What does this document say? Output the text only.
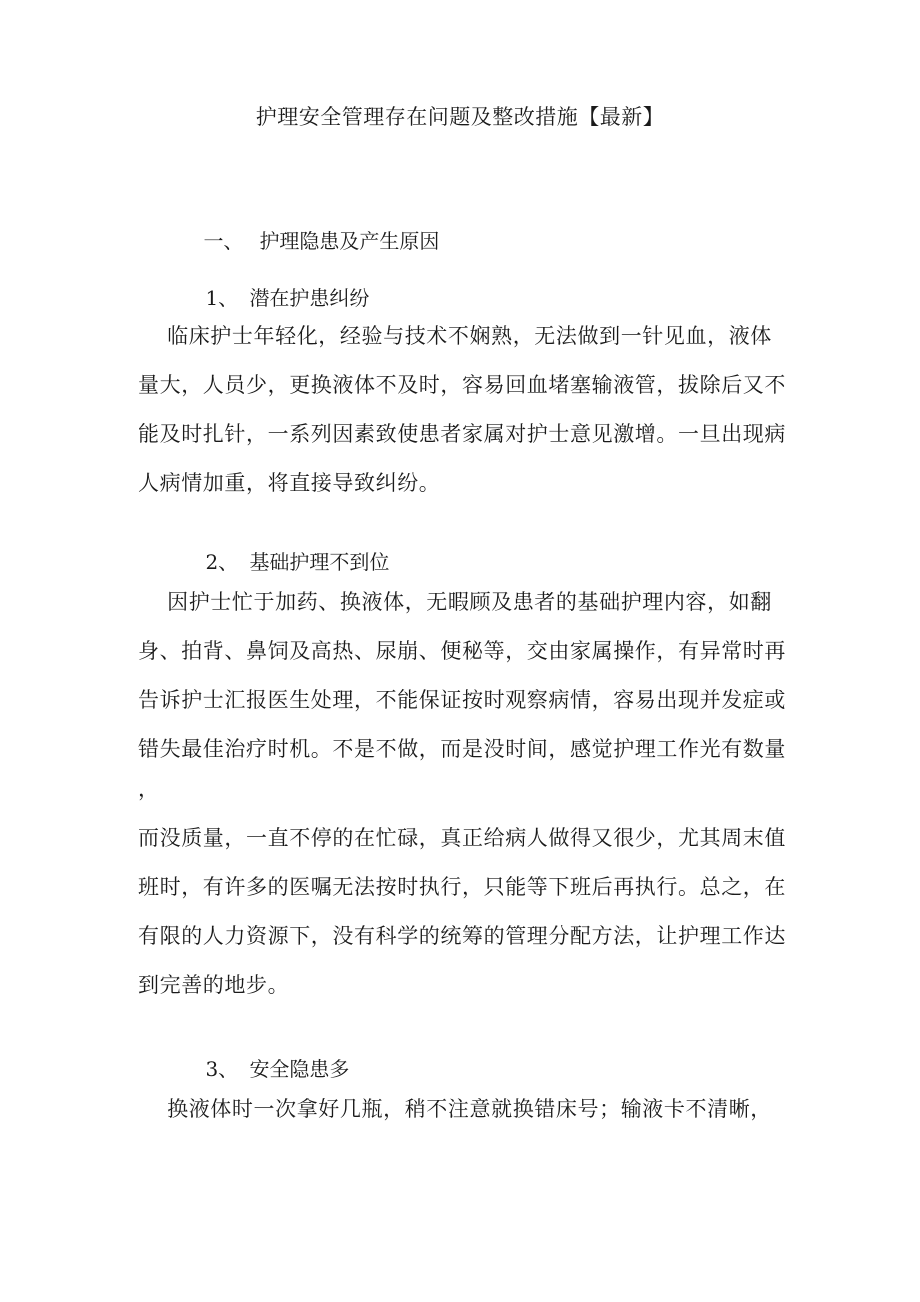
护理安全管理存在问题及整改措施【最新】

一、 护理隐患及产生原因

1、 潜在护患纠纷

临床护士年轻化，经验与技术不娴熟，无法做到一针见血，液体
量大，人员少，更换液体不及时，容易回血堵塞输液管，拔除后又不
能及时扎针，一系列因素致使患者家属对护士意见激增。一旦出现病
人病情加重，将直接导致纠纷。

2、 基础护理不到位

因护士忙于加药、换液体，无暇顾及患者的基础护理内容，如翻
身、拍背、鼻饲及高热、尿崩、便秘等，交由家属操作，有异常时再
告诉护士汇报医生处理，不能保证按时观察病情，容易出现并发症或
错失最佳治疗时机。不是不做，而是没时间，感觉护理工作光有数量
，
而没质量，一直不停的在忙碌，真正给病人做得又很少，尤其周末值
班时，有许多的医嘱无法按时执行，只能等下班后再执行。总之，在
有限的人力资源下，没有科学的统筹的管理分配方法，让护理工作达
到完善的地步。

3、 安全隐患多

换液体时一次拿好几瓶，稍不注意就换错床号；输液卡不清晰，
